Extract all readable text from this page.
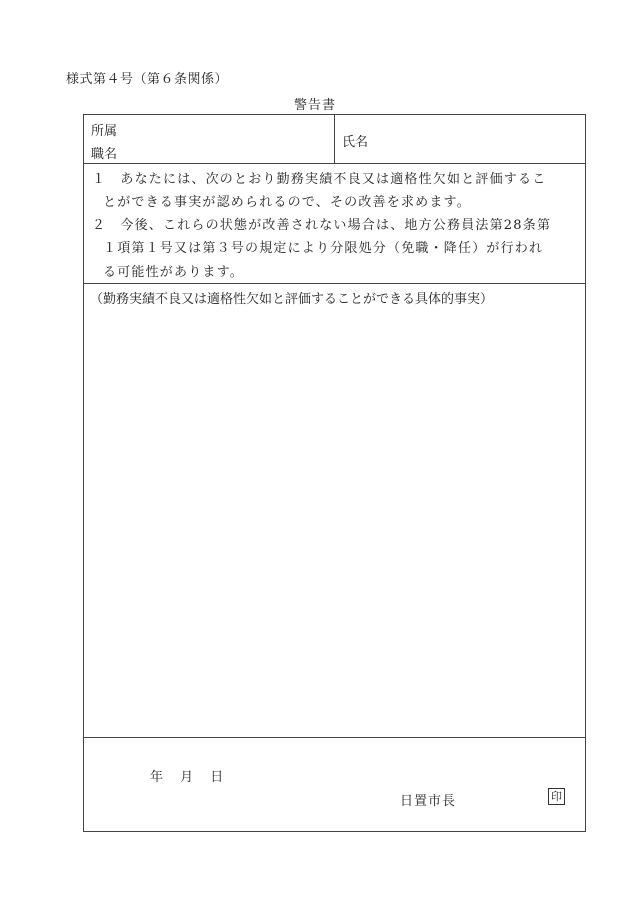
様式第４号（第６条関係）
警告書
所属
職名
氏名
１　あなたには、次のとおり勤務実績不良又は適格性欠如と評価するこ
とができる事実が認められるので、その改善を求めます。
２　今後、これらの状態が改善されない場合は、地方公務員法第28条第
１項第１号又は第３号の規定により分限処分（免職・降任）が行われ
る可能性があります。
（勤務実績不良又は適格性欠如と評価することができる具体的事実）
年　 月　 日
日置市長	印
